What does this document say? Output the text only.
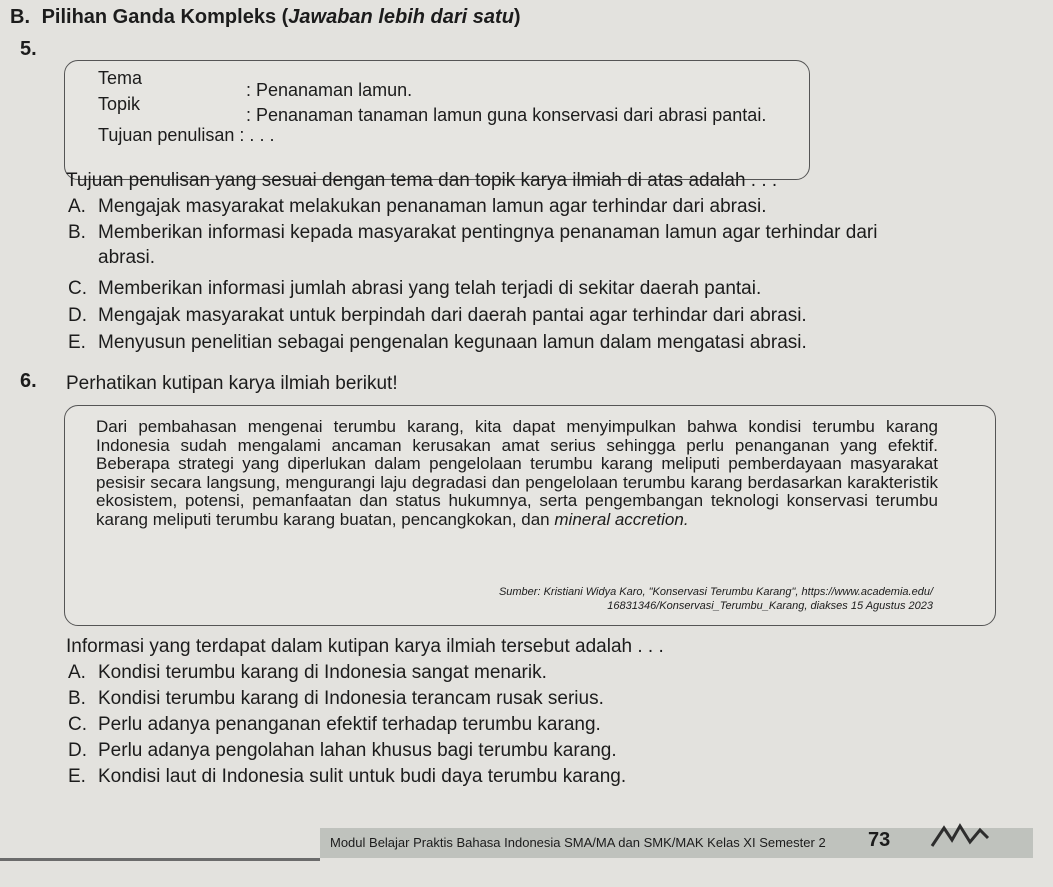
B. Pilihan Ganda Kompleks (Jawaban lebih dari satu)
5.
Tema
: Penanaman lamun.
Topik
: Penanaman tanaman lamun guna konservasi dari abrasi pantai.
Tujuan penulisan : . . .
Tujuan penulisan yang sesuai dengan tema dan topik karya ilmiah di atas adalah . . .
A. Mengajak masyarakat melakukan penanaman lamun agar terhindar dari abrasi.
B. Memberikan informasi kepada masyarakat pentingnya penanaman lamun agar terhindar dari
abrasi.
C. Memberikan informasi jumlah abrasi yang telah terjadi di sekitar daerah pantai.
D. Mengajak masyarakat untuk berpindah dari daerah pantai agar terhindar dari abrasi.
E. Menyusun penelitian sebagai pengenalan kegunaan lamun dalam mengatasi abrasi.
6. Perhatikan kutipan karya ilmiah berikut!
Dari pembahasan mengenai terumbu karang, kita dapat menyimpulkan bahwa kondisi terumbu karang Indonesia sudah mengalami ancaman kerusakan amat serius sehingga perlu penanganan yang efektif. Beberapa strategi yang diperlukan dalam pengelolaan terumbu karang meliputi pemberdayaan masyarakat pesisir secara langsung, mengurangi laju degradasi dan pengelolaan terumbu karang berdasarkan karakteristik ekosistem, potensi, pemanfaatan dan status hukumnya, serta pengembangan teknologi konservasi terumbu karang meliputi terumbu karang buatan, pencangkokan, dan mineral accretion.
Sumber: Kristiani Widya Karo, "Konservasi Terumbu Karang", https://www.academia.edu/ 16831346/Konservasi_Terumbu_Karang, diakses 15 Agustus 2023
Informasi yang terdapat dalam kutipan karya ilmiah tersebut adalah . . .
A. Kondisi terumbu karang di Indonesia sangat menarik.
B. Kondisi terumbu karang di Indonesia terancam rusak serius.
C. Perlu adanya penanganan efektif terhadap terumbu karang.
D. Perlu adanya pengolahan lahan khusus bagi terumbu karang.
E. Kondisi laut di Indonesia sulit untuk budi daya terumbu karang.
Modul Belajar Praktis Bahasa Indonesia SMA/MA dan SMK/MAK Kelas XI Semester 2 73
